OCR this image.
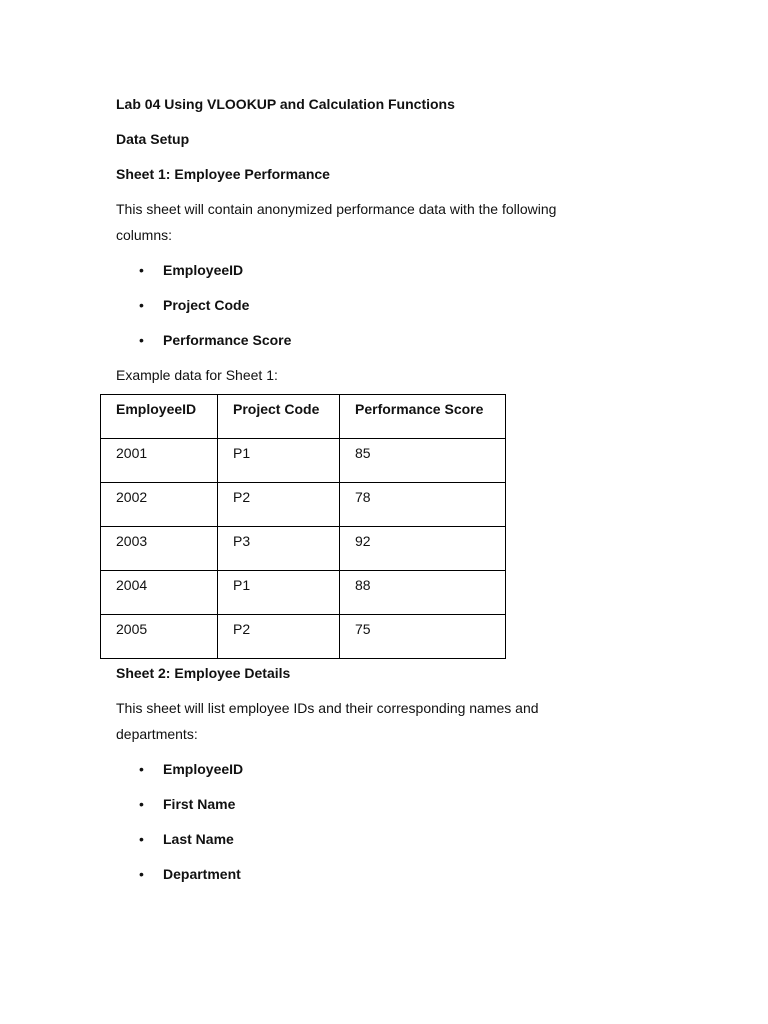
Lab 04 Using VLOOKUP and Calculation Functions

Data Setup

Sheet 1: Employee Performance

This sheet will contain anonymized performance data with the following
columns:

• EmployeeID
• Project Code
• Performance Score

Example data for Sheet 1:

EmployeeID	Project Code	Performance Score
2001	P1	85
2002	P2	78
2003	P3	92
2004	P1	88
2005	P2	75

Sheet 2: Employee Details

This sheet will list employee IDs and their corresponding names and
departments:

• EmployeeID
• First Name
• Last Name
• Department
